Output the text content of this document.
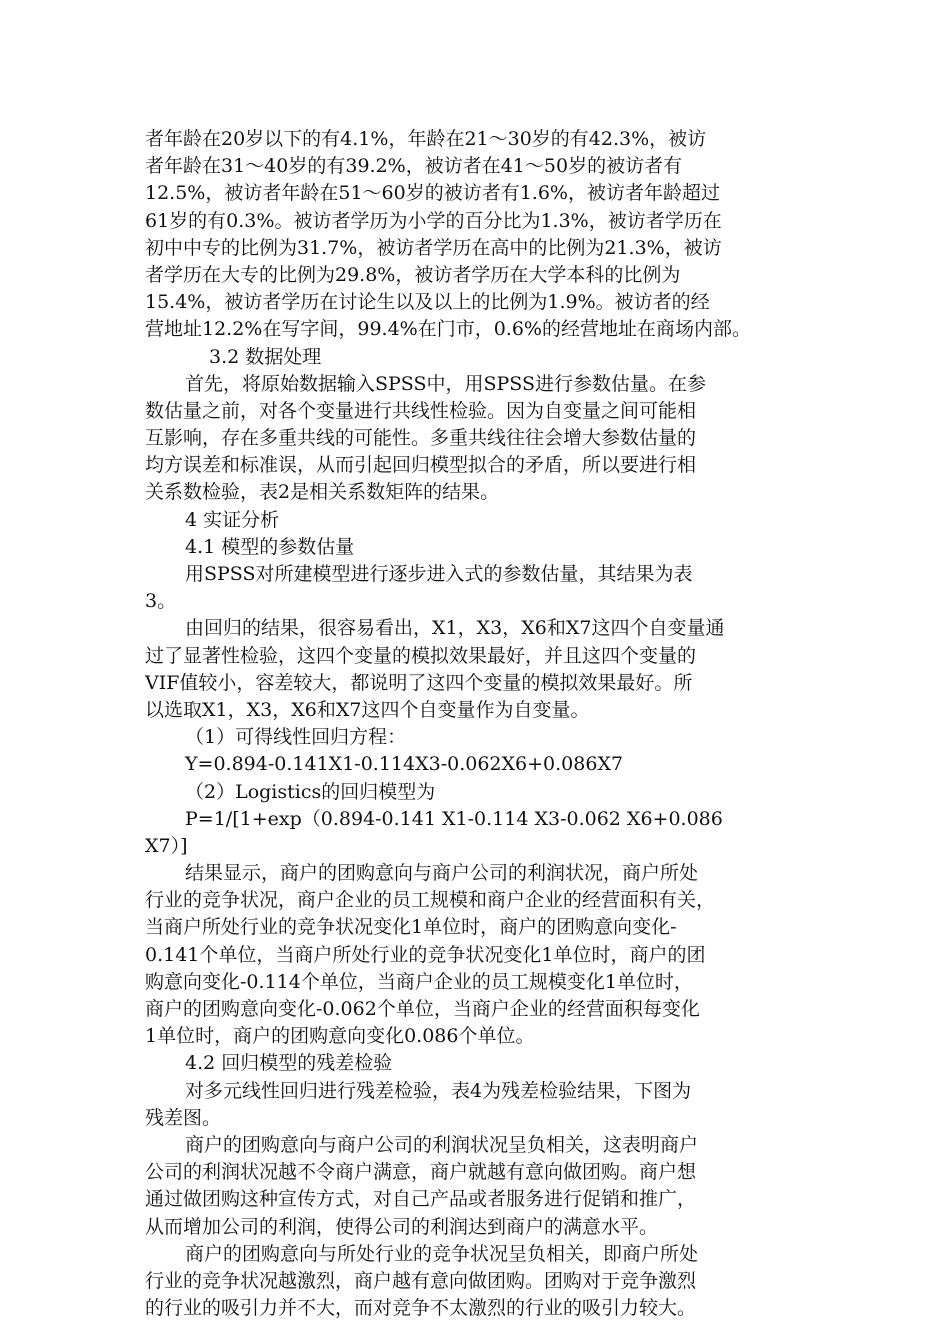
者年龄在20岁以下的有4.1%，年龄在21～30岁的有42.3%，被访
者年龄在31～40岁的有39.2%，被访者在41～50岁的被访者有
12.5%，被访者年龄在51～60岁的被访者有1.6%，被访者年龄超过
61岁的有0.3%。被访者学历为小学的百分比为1.3%，被访者学历在
初中中专的比例为31.7%，被访者学历在高中的比例为21.3%，被访
者学历在大专的比例为29.8%，被访者学历在大学本科的比例为
15.4%，被访者学历在讨论生以及以上的比例为1.9%。被访者的经
营地址12.2%在写字间，99.4%在门市，0.6%的经营地址在商场内部。
3.2 数据处理
首先，将原始数据输入SPSS中，用SPSS进行参数估量。在参
数估量之前，对各个变量进行共线性检验。因为自变量之间可能相
互影响，存在多重共线的可能性。多重共线往往会增大参数估量的
均方误差和标准误，从而引起回归模型拟合的矛盾，所以要进行相
关系数检验，表2是相关系数矩阵的结果。
4 实证分析
4.1 模型的参数估量
用SPSS对所建模型进行逐步进入式的参数估量，其结果为表
3。
由回归的结果，很容易看出，X1，X3，X6和X7这四个自变量通
过了显著性检验，这四个变量的模拟效果最好，并且这四个变量的
VIF值较小，容差较大，都说明了这四个变量的模拟效果最好。所
以选取X1，X3，X6和X7这四个自变量作为自变量。
（1）可得线性回归方程：
Y=0.894-0.141X1-0.114X3-0.062X6+0.086X7
（2）Logistics的回归模型为
P=1/[1+exp（0.894-0.141 X1-0.114 X3-0.062 X6+0.086
X7）]
结果显示，商户的团购意向与商户公司的利润状况，商户所处
行业的竞争状况，商户企业的员工规模和商户企业的经营面积有关，
当商户所处行业的竞争状况变化1单位时，商户的团购意向变化-
0.141个单位，当商户所处行业的竞争状况变化1单位时，商户的团
购意向变化-0.114个单位，当商户企业的员工规模变化1单位时，
商户的团购意向变化-0.062个单位，当商户企业的经营面积每变化
1单位时，商户的团购意向变化0.086个单位。
4.2 回归模型的残差检验
对多元线性回归进行残差检验，表4为残差检验结果，下图为
残差图。
商户的团购意向与商户公司的利润状况呈负相关，这表明商户
公司的利润状况越不令商户满意，商户就越有意向做团购。商户想
通过做团购这种宣传方式，对自己产品或者服务进行促销和推广，
从而增加公司的利润，使得公司的利润达到商户的满意水平。
商户的团购意向与所处行业的竞争状况呈负相关，即商户所处
行业的竞争状况越激烈，商户越有意向做团购。团购对于竞争激烈
的行业的吸引力并不大，而对竞争不太激烈的行业的吸引力较大。
